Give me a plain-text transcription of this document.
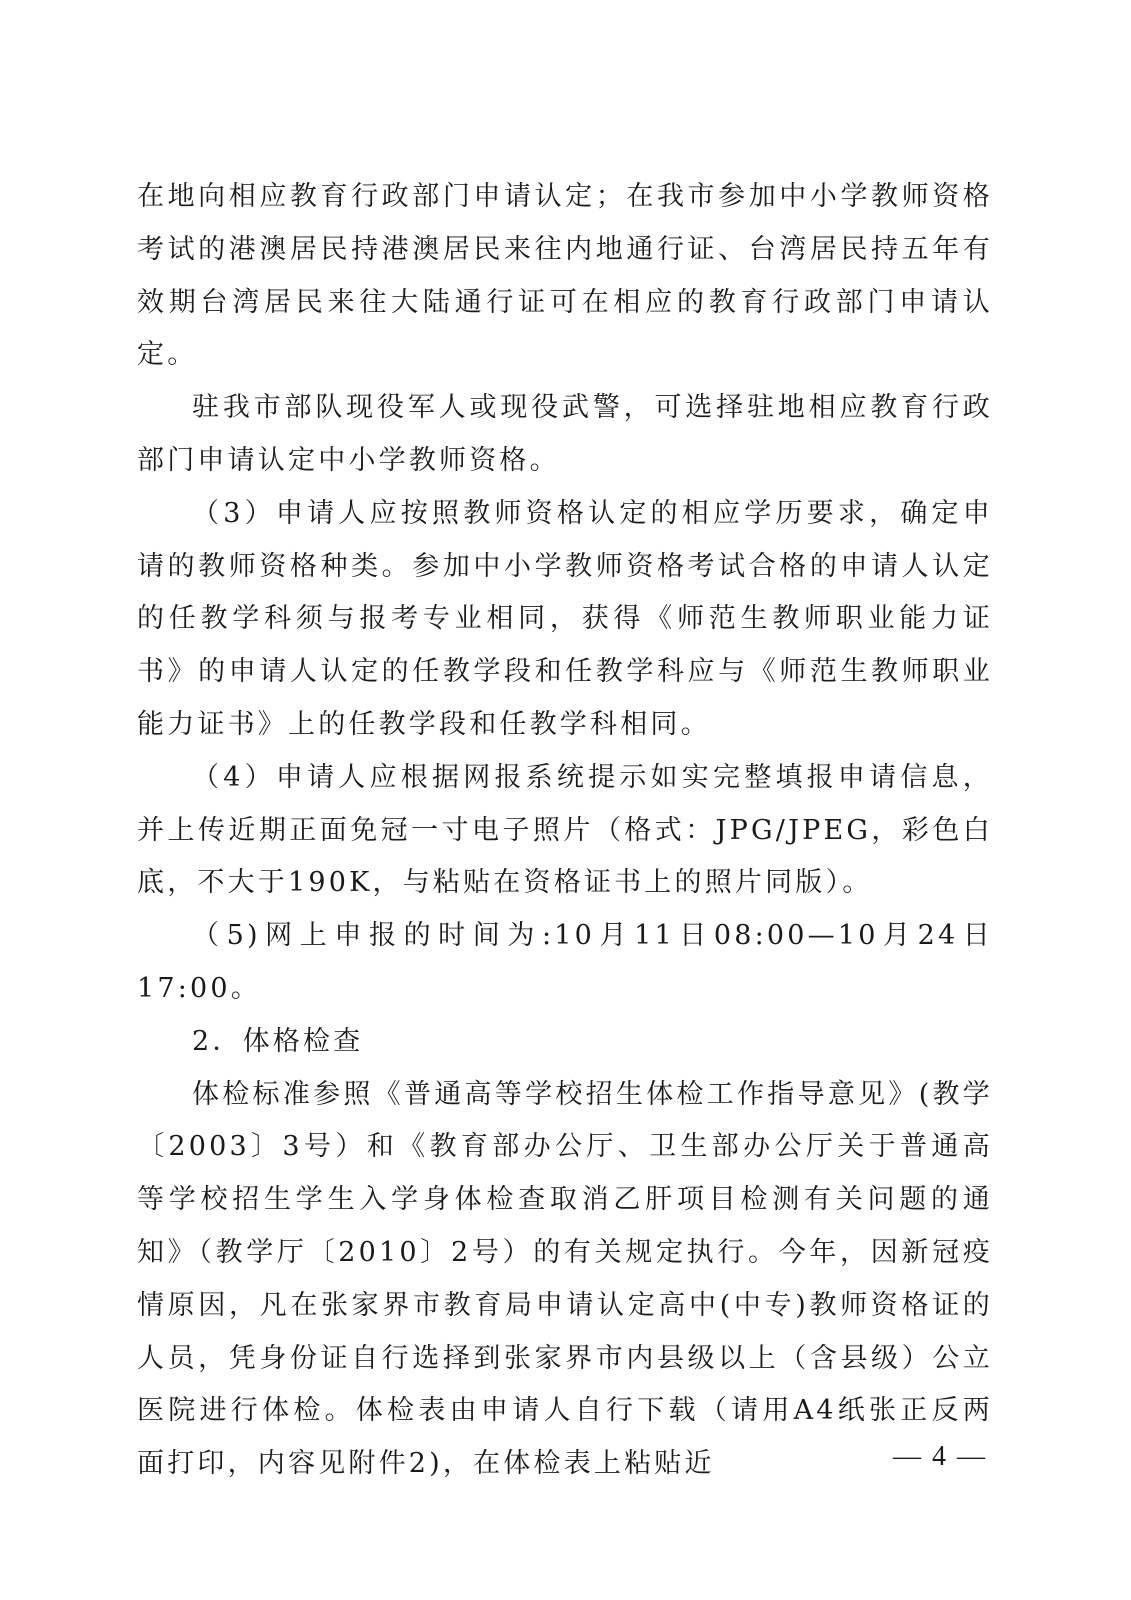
在地向相应教育行政部门申请认定；在我市参加中小学教师资格考试的港澳居民持港澳居民来往内地通行证、台湾居民持五年有效期台湾居民来往大陆通行证可在相应的教育行政部门申请认定。

驻我市部队现役军人或现役武警，可选择驻地相应教育行政部门申请认定中小学教师资格。

（3）申请人应按照教师资格认定的相应学历要求，确定申请的教师资格种类。参加中小学教师资格考试合格的申请人认定的任教学科须与报考专业相同，获得《师范生教师职业能力证书》的申请人认定的任教学段和任教学科应与《师范生教师职业能力证书》上的任教学段和任教学科相同。

（4）申请人应根据网报系统提示如实完整填报申请信息，并上传近期正面免冠一寸电子照片（格式：JPG/JPEG，彩色白底，不大于190K，与粘贴在资格证书上的照片同版）。

（5)网上申报的时间为:10月11日08:00—10月24日17:00。

2．体格检查

体检标准参照《普通高等学校招生体检工作指导意见》(教学〔2003〕3号）和《教育部办公厅、卫生部办公厅关于普通高等学校招生学生入学身体检查取消乙肝项目检测有关问题的通知》（教学厅〔2010〕2号）的有关规定执行。今年，因新冠疫情原因，凡在张家界市教育局申请认定高中(中专)教师资格证的人员，凭身份证自行选择到张家界市内县级以上（含县级）公立医院进行体检。体检表由申请人自行下载（请用A4纸张正反两面打印，内容见附件2)，在体检表上粘贴近	— 4 —
